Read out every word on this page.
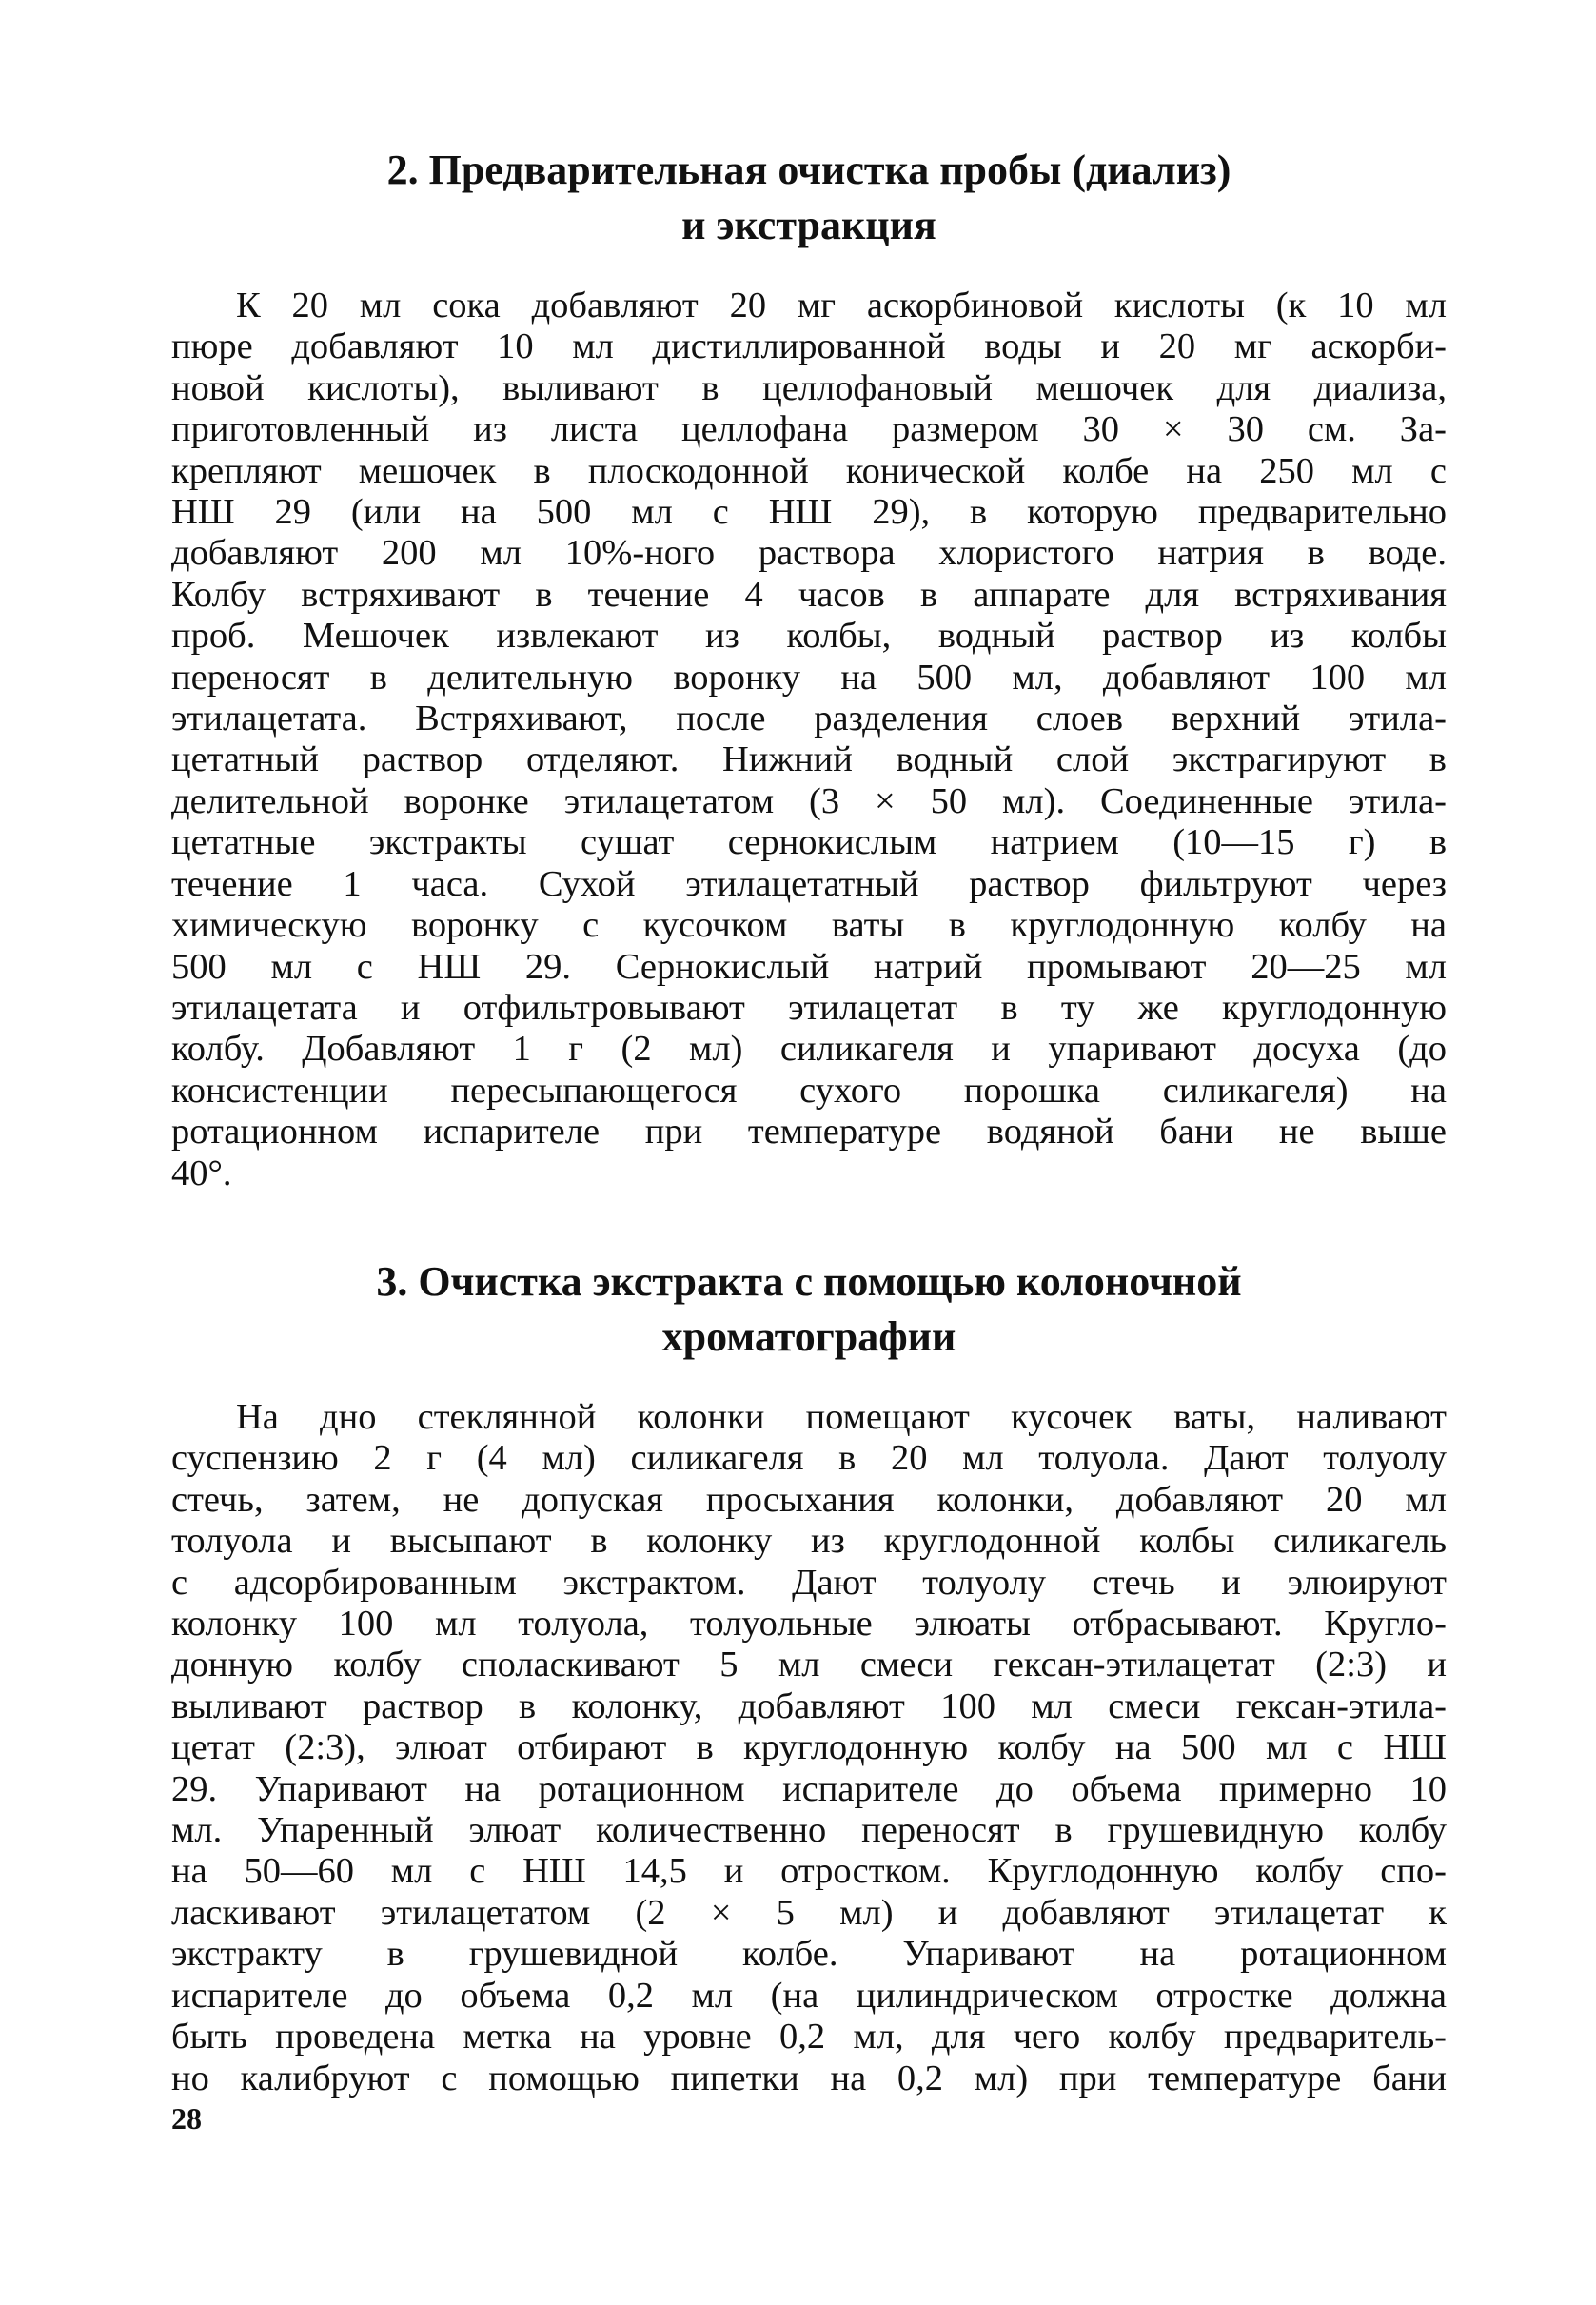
2. Предварительная очистка пробы (диализ)
и экстракция
К 20 мл сока добавляют 20 мг аскорбиновой кислоты (к 10 мл
пюре добавляют 10 мл дистиллированной воды и 20 мг аскорби-
новой кислоты), выливают в целлофановый мешочек для диализа,
приготовленный из листа целлофана размером 30 × 30 см. За-
крепляют мешочек в плоскодонной конической колбе на 250 мл с
НШ 29 (или на 500 мл с НШ 29), в которую предварительно
добавляют 200 мл 10%-ного раствора хлористого натрия в воде.
Колбу встряхивают в течение 4 часов в аппарате для встряхивания
проб. Мешочек извлекают из колбы, водный раствор из колбы
переносят в делительную воронку на 500 мл, добавляют 100 мл
этилацетата. Встряхивают, после разделения слоев верхний этила-
цетатный раствор отделяют. Нижний водный слой экстрагируют в
делительной воронке этилацетатом (3 × 50 мл). Соединенные этила-
цетатные экстракты сушат сернокислым натрием (10—15 г) в
течение 1 часа. Сухой этилацетатный раствор фильтруют через
химическую воронку с кусочком ваты в круглодонную колбу на
500 мл с НШ 29. Сернокислый натрий промывают 20—25 мл
этилацетата и отфильтровывают этилацетат в ту же круглодонную
колбу. Добавляют 1 г (2 мл) силикагеля и упаривают досуха (до
консистенции пересыпающегося сухого порошка силикагеля) на
ротационном испарителе при температуре водяной бани не выше
40°.
3. Очистка экстракта с помощью колоночной
хроматографии
На дно стеклянной колонки помещают кусочек ваты, наливают
суспензию 2 г (4 мл) силикагеля в 20 мл толуола. Дают толуолу
стечь, затем, не допуская просыхания колонки, добавляют 20 мл
толуола и высыпают в колонку из круглодонной колбы силикагель
с адсорбированным экстрактом. Дают толуолу стечь и элюируют
колонку 100 мл толуола, толуольные элюаты отбрасывают. Кругло-
донную колбу споласкивают 5 мл смеси гексан-этилацетат (2:3) и
выливают раствор в колонку, добавляют 100 мл смеси гексан-этила-
цетат (2:3), элюат отбирают в круглодонную колбу на 500 мл с НШ
29. Упаривают на ротационном испарителе до объема примерно 10
мл. Упаренный элюат количественно переносят в грушевидную колбу
на 50—60 мл с НШ 14,5 и отростком. Круглодонную колбу спо-
ласкивают этилацетатом (2 × 5 мл) и добавляют этилацетат к
экстракту в грушевидной колбе. Упаривают на ротационном
испарителе до объема 0,2 мл (на цилиндрическом отростке должна
быть проведена метка на уровне 0,2 мл, для чего колбу предваритель-
но калибруют с помощью пипетки на 0,2 мл) при температуре бани

28
